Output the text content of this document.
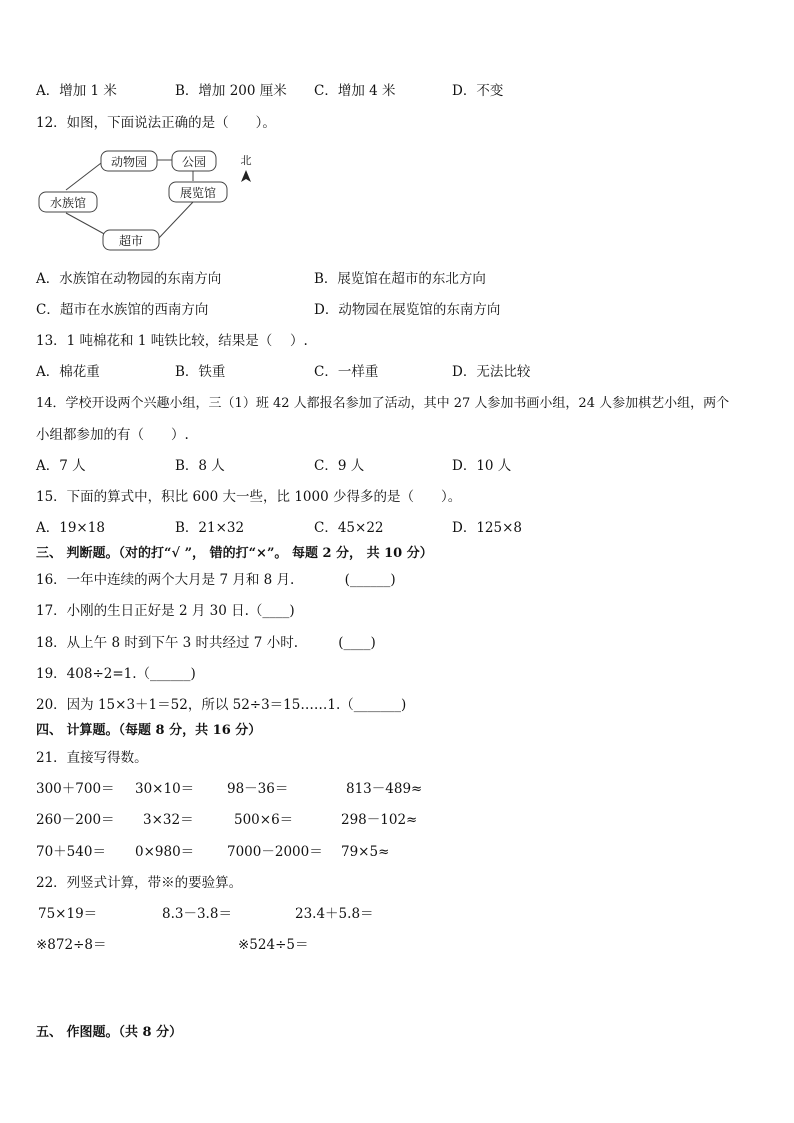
A．增加 1 米	B．增加 200 厘米 C．增加 4 米	D．不变
12．如图，下面说法正确的是（　　）。
动物园	公园
水族馆
展览馆
超市
北
A．水族馆在动物园的东南方向	B．展览馆在超市的东北方向
C．超市在水族馆的西南方向	D．动物园在展览馆的东南方向
13．1 吨棉花和 1 吨铁比较，结果是（　 ）.
A．棉花重	B．铁重	C．一样重	D．无法比较
14．学校开设两个兴趣小组，三（1）班 42 人都报名参加了活动，其中 27 人参加书画小组，24 人参加棋艺小组，两个
小组都参加的有（　　）.
A．7 人	B．8 人	C．9 人	D．10 人
15．下面的算式中，积比 600 大一些，比 1000 少得多的是（　　）。
A．19×18	B．21×32	C．45×22	D．125×8
三、 判断题。（对的打“√ ”， 错的打“×”。 每题 2 分， 共 10 分）
16．一年中连续的两个大月是 7 月和 8 月.	(______)
17．小刚的生日正好是 2 月 30 日.（____)
18．从上午 8 时到下午 3 时共经过 7 小时.	(____)
19．408÷2=1.（______)
20．因为 15×3＋1＝52，所以 52÷3＝15……1.（_______)
四、 计算题。（每题 8 分，共 16 分）
21．直接写得数。
300＋700＝ 30×10＝ 98－36＝	813－489≈
260－200＝ 3×32＝	500×6＝	298－102≈
70＋540＝ 0×980＝ 7000－2000＝ 79×5≈
22．列竖式计算，带※的要验算。
75×19＝	8.3－3.8＝	23.4＋5.8＝
※872÷8＝	※524÷5＝
五、 作图题。（共 8 分）
